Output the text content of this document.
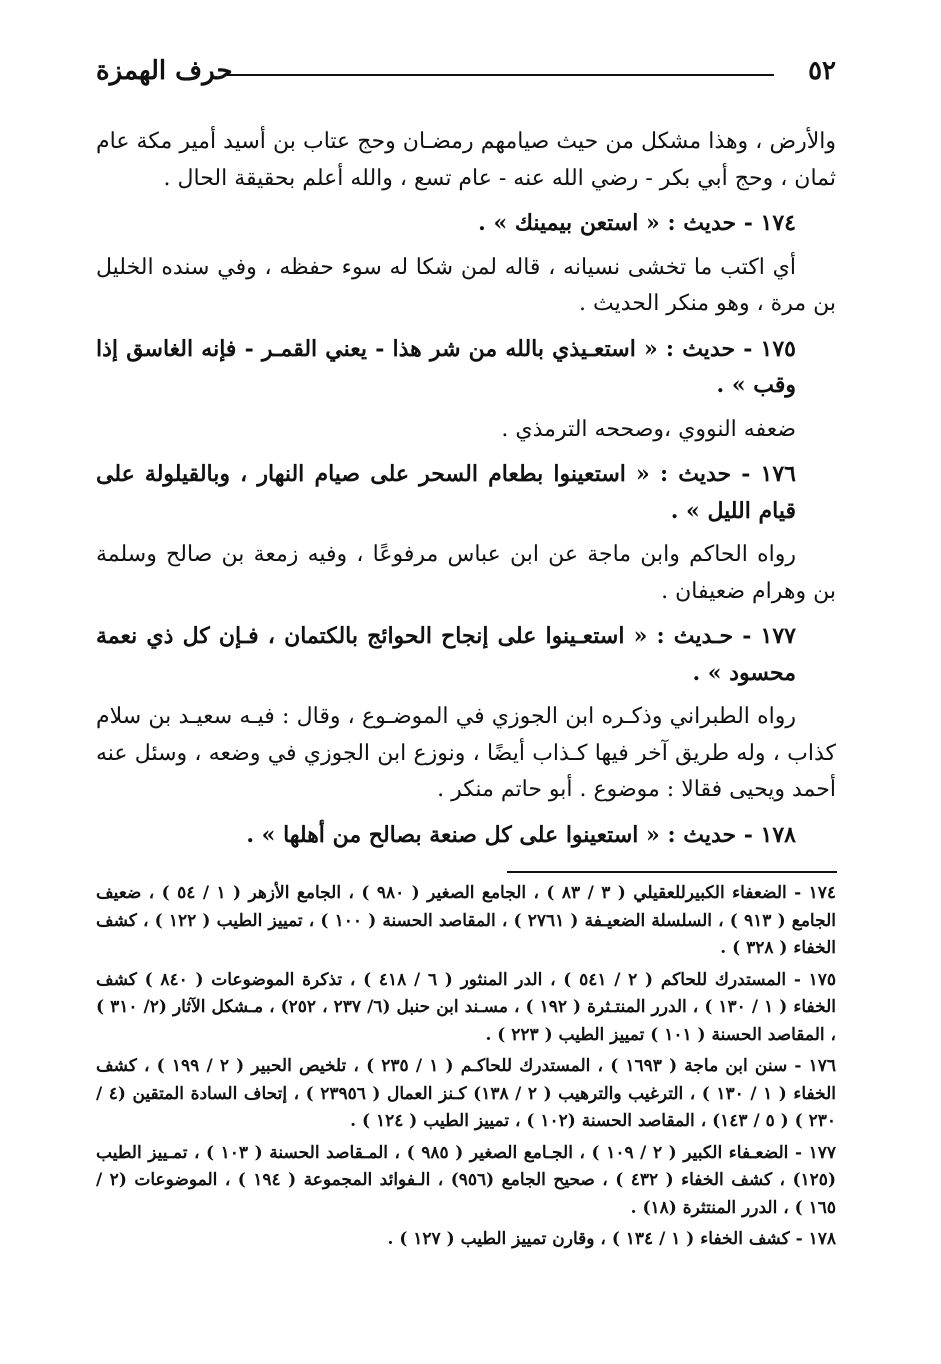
٥٢
حرف الهمزة

والأرض ، وهذا مشكل من حيث صيامهم رمضـان وحج عتاب بن أسيد أمير مكة عام ثمان ، وحج أبي بكر - رضي الله عنه - عام تسع ، والله أعلم بحقيقة الحال .

١٧٤ - حديث : « استعن بيمينك » .

أي اكتب ما تخشى نسيانه ، قاله لمن شكا له سوء حفظه ، وفي سنده الخليل بن مرة ، وهو منكر الحديث .

١٧٥ - حديث : « استعـيذي بالله من شر هذا - يعني القمـر - فإنه الغاسق إذا وقب » .

ضعفه النووي ،وصححه الترمذي .

١٧٦ - حديث : « استعينوا بطعام السحر على صيام النهار ، وبالقيلولة على قيام الليل » .

رواه الحاكم وابن ماجة عن ابن عباس مرفوعًا ، وفيه زمعة بن صالح وسلمة بن وهرام ضعيفان .

١٧٧ - حـديث : « استعـينوا على إنجاح الحوائج بالكتمان ، فـإن كل ذي نعمة محسود » .

رواه الطبراني وذكـره ابن الجوزي في الموضـوع ، وقال : فيـه سعيـد بن سلام كذاب ، وله طريق آخر فيها كـذاب أيضًا ، ونوزع ابن الجوزي في وضعه ، وسئل عنه أحمد ويحيى فقالا : موضوع . أبو حاتم منكر .

١٧٨ - حديث : « استعينوا على كل صنعة بصالح من أهلها » .

١٧٤ - الضعفاء الكبيرللعقيلي ( ٣ / ٨٣ ) ، الجامع الصغير ( ٩٨٠ ) ، الجامع الأزهر ( ١ / ٥٤ ) ، ضعيف الجامع ( ٩١٣ ) ، السلسلة الضعيـفة ( ٢٧٦١ ) ، المقاصد الحسنة ( ١٠٠ ) ، تمييز الطيب ( ١٢٢ ) ، كشف الخفاء ( ٣٢٨ ) .

١٧٥ - المستدرك للحاكم ( ٢ / ٥٤١ ) ، الدر المنثور ( ٦ / ٤١٨ ) ، تذكرة الموضوعات ( ٨٤٠ ) كشف الخفاء ( ١ / ١٣٠ ) ، الدرر المنتـثرة ( ١٩٢ ) ، مسـند ابن حنبل (٦/ ٢٣٧ ، ٢٥٢) ، مـشكل الآثار (٢/ ٣١٠ ) ، المقاصد الحسنة ( ١٠١ ) تمييز الطيب ( ٢٢٣ ) .

١٧٦ - سنن ابن ماجة ( ١٦٩٣ ) ، المستدرك للحاكـم ( ١ / ٢٣٥ ) ، تلخيص الحبير ( ٢ / ١٩٩ ) ، كشف الخفاء ( ١ / ١٣٠ ) ، الترغيب والترهيب ( ٢ / ١٣٨) كـنز العمال ( ٢٣٩٥٦ ) ، إتحاف السادة المتقين (٤ / ٢٣٠ ) ( ٥ / ١٤٣) ، المقاصد الحسنة (١٠٢ ) ، تمييز الطيب ( ١٢٤ ) .

١٧٧ - الضعـفاء الكبير ( ٢ / ١٠٩ ) ، الجـامع الصغير ( ٩٨٥ ) ، المـقاصد الحسنة ( ١٠٣ ) ، تمـييز الطيب (١٢٥) ، كشف الخفاء ( ٤٣٢ ) ، صحيح الجامع (٩٥٦) ، الـفوائد المجموعة ( ١٩٤ ) ، الموضوعات (٢ / ١٦٥ ) ، الدرر المنتثرة (١٨) .

١٧٨ - كشف الخفاء ( ١ / ١٣٤ ) ، وقارن تمييز الطيب ( ١٢٧ ) .
